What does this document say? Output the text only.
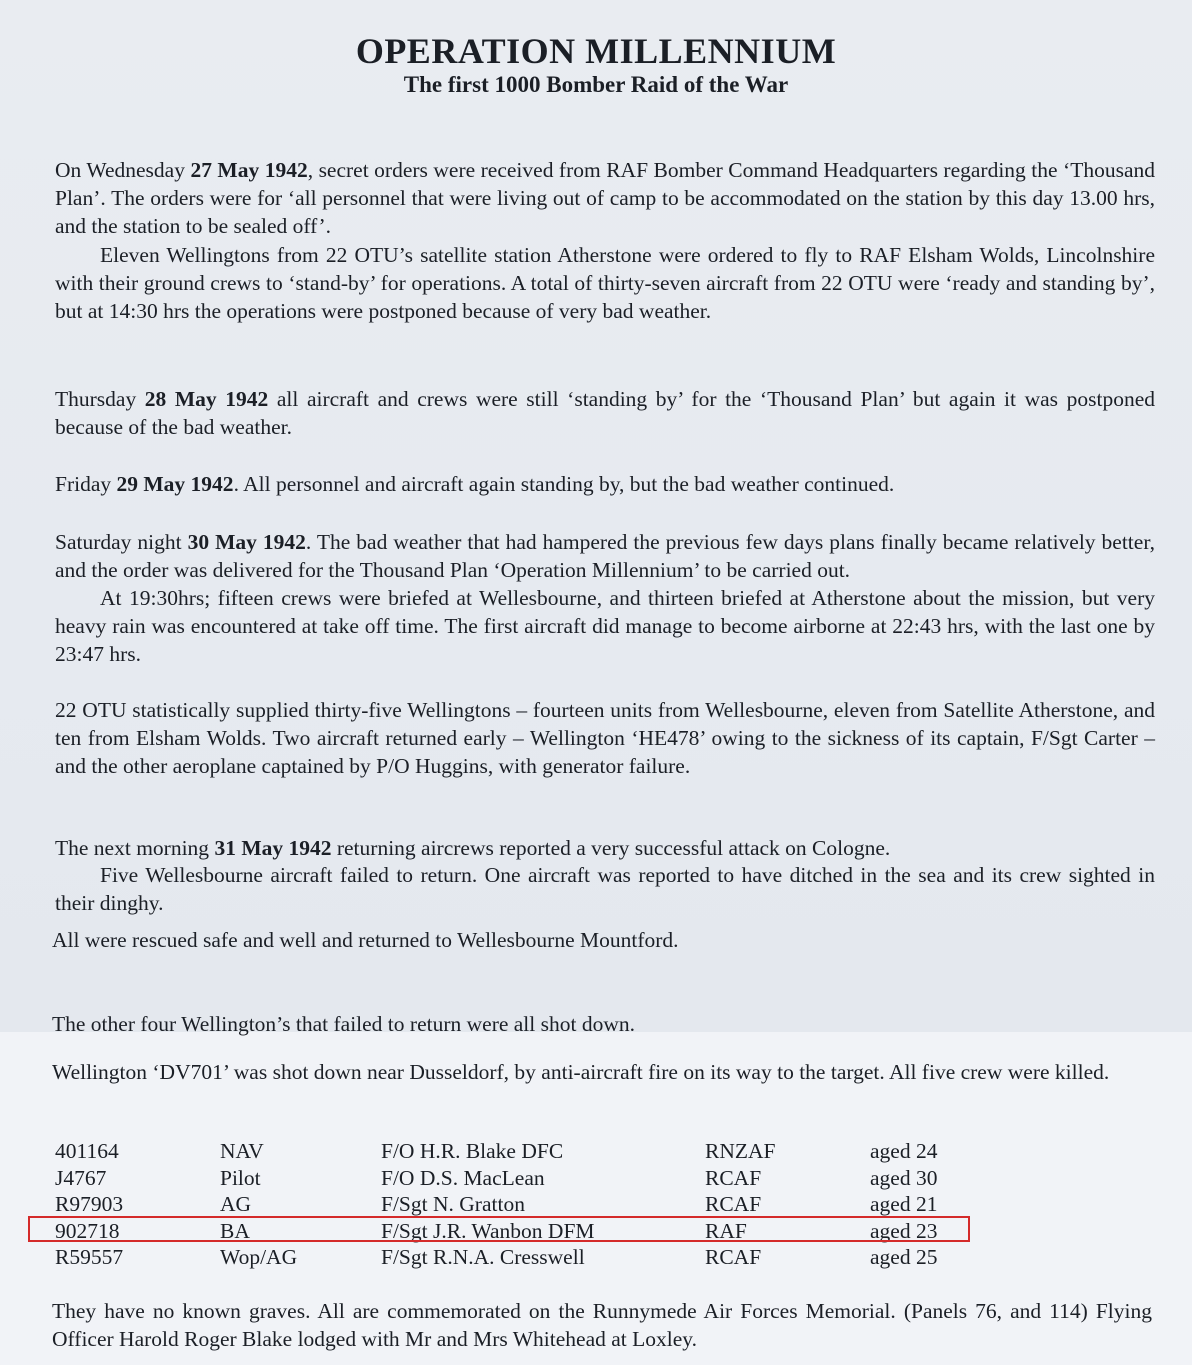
OPERATION MILLENNIUM
The first 1000 Bomber Raid of the War

On Wednesday 27 May 1942, secret orders were received from RAF Bomber Command Headquarters regarding the ‘Thousand Plan’. The orders were for ‘all personnel that were living out of camp to be accommodated on the station by this day 13.00 hrs, and the station to be sealed off’.

Eleven Wellingtons from 22 OTU’s satellite station Atherstone were ordered to fly to RAF Elsham Wolds, Lincolnshire with their ground crews to ‘stand-by’ for operations. A total of thirty-seven aircraft from 22 OTU were ‘ready and standing by’, but at 14:30 hrs the operations were postponed because of very bad weather.

Thursday 28 May 1942 all aircraft and crews were still ‘standing by’ for the ‘Thousand Plan’ but again it was postponed because of the bad weather.

Friday 29 May 1942. All personnel and aircraft again standing by, but the bad weather continued.

Saturday night 30 May 1942. The bad weather that had hampered the previous few days plans finally became relatively better, and the order was delivered for the Thousand Plan ‘Operation Millennium’ to be carried out.

At 19:30hrs; fifteen crews were briefed at Wellesbourne, and thirteen briefed at Atherstone about the mission, but very heavy rain was encountered at take off time. The first aircraft did manage to become airborne at 22:43 hrs, with the last one by 23:47 hrs.

22 OTU statistically supplied thirty-five Wellingtons – fourteen units from Wellesbourne, eleven from Satellite Atherstone, and ten from Elsham Wolds. Two aircraft returned early – Wellington ‘HE478’ owing to the sickness of its captain, F/Sgt Carter – and the other aeroplane captained by P/O Huggins, with generator failure.

The next morning 31 May 1942 returning aircrews reported a very successful attack on Cologne.

Five Wellesbourne aircraft failed to return. One aircraft was reported to have ditched in the sea and its crew sighted in their dinghy.

All were rescued safe and well and returned to Wellesbourne Mountford.

The other four Wellington’s that failed to return were all shot down.

Wellington ‘DV701’ was shot down near Dusseldorf, by anti-aircraft fire on its way to the target. All five crew were killed.

401164	NAV	F/O H.R. Blake DFC	RNZAF	aged 24
J4767	Pilot	F/O D.S. MacLean	RCAF	aged 30
R97903	AG	F/Sgt N. Gratton	RCAF	aged 21
902718	BA	F/Sgt J.R. Wanbon DFM	RAF	aged 23
R59557	Wop/AG	F/Sgt R.N.A. Cresswell	RCAF	aged 25

They have no known graves. All are commemorated on the Runnymede Air Forces Memorial. (Panels 76, and 114) Flying Officer Harold Roger Blake lodged with Mr and Mrs Whitehead at Loxley.
